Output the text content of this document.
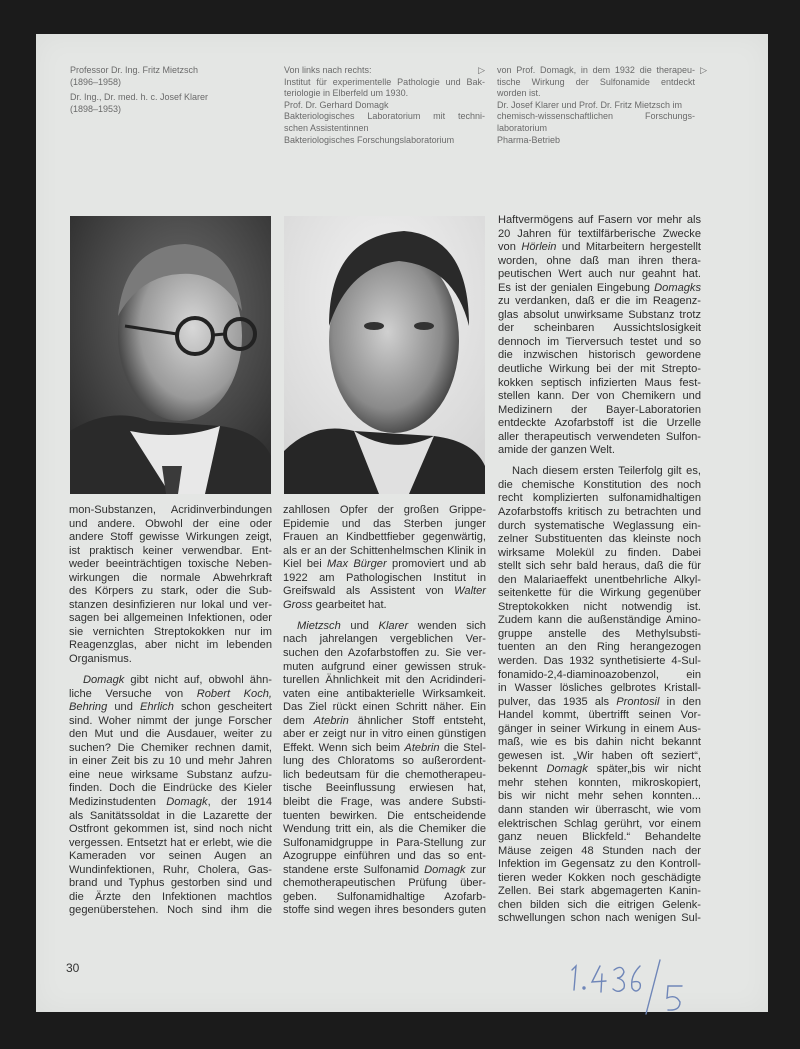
Professor Dr. Ing. Fritz Mietzsch
(1896–1958)
Dr. Ing., Dr. med. h. c. Josef Klarer
(1898–1953)
▷
Von links nach rechts:
Institut für experimentelle Pathologie und Bak-
teriologie in Elberfeld um 1930.
Prof. Dr. Gerhard Domagk
Bakteriologisches Laboratorium mit techni-
schen Assistentinnen
Bakteriologisches Forschungslaboratorium
▷
von Prof. Domagk, in dem 1932 die therapeu-
tische Wirkung der Sulfonamide entdeckt
worden ist.
Dr. Josef Klarer und Prof. Dr. Fritz Mietzsch im
chemisch-wissenschaftlichen Forschungs-
laboratorium
Pharma-Betrieb
mon-Substanzen, Acridinverbindungen
und andere. Obwohl der eine oder
andere Stoff gewisse Wirkungen zeigt,
ist praktisch keiner verwendbar. Ent-
weder beeinträchtigen toxische Neben-
wirkungen die normale Abwehrkraft
des Körpers zu stark, oder die Sub-
stanzen desinfizieren nur lokal und ver-
sagen bei allgemeinen Infektionen, oder
sie vernichten Streptokokken nur im
Reagenzglas, aber nicht im lebenden
Organismus.
Domagk gibt nicht auf, obwohl ähn-
liche Versuche von Robert Koch,
Behring und Ehrlich schon gescheitert
sind. Woher nimmt der junge Forscher
den Mut und die Ausdauer, weiter zu
suchen? Die Chemiker rechnen damit,
in einer Zeit bis zu 10 und mehr Jahren
eine neue wirksame Substanz aufzu-
finden. Doch die Eindrücke des Kieler
Medizinstudenten Domagk, der 1914
als Sanitätssoldat in die Lazarette der
Ostfront gekommen ist, sind noch nicht
vergessen. Entsetzt hat er erlebt, wie die
Kameraden vor seinen Augen an
Wundinfektionen, Ruhr, Cholera, Gas-
brand und Typhus gestorben sind und
die Ärzte den Infektionen machtlos
gegenüberstehen. Noch sind ihm die
zahllosen Opfer der großen Grippe-
Epidemie und das Sterben junger
Frauen an Kindbettfieber gegenwärtig,
als er an der Schittenhelmschen Klinik in
Kiel bei Max Bürger promoviert und ab
1922 am Pathologischen Institut in
Greifswald als Assistent von Walter
Gross gearbeitet hat.
Mietzsch und Klarer wenden sich
nach jahrelangen vergeblichen Ver-
suchen den Azofarbstoffen zu. Sie ver-
muten aufgrund einer gewissen struk-
turellen Ähnlichkeit mit den Acridinderi-
vaten eine antibakterielle Wirksamkeit.
Das Ziel rückt einen Schritt näher. Ein
dem Atebrin ähnlicher Stoff entsteht,
aber er zeigt nur in vitro einen günstigen
Effekt. Wenn sich beim Atebrin die Stel-
lung des Chloratoms so außerordent-
lich bedeutsam für die chemotherapeu-
tische Beeinflussung erwiesen hat,
bleibt die Frage, was andere Substi-
tuenten bewirken. Die entscheidende
Wendung tritt ein, als die Chemiker die
Sulfonamidgruppe in Para-Stellung zur
Azogruppe einführen und das so ent-
standene erste Sulfonamid Domagk zur
chemotherapeutischen Prüfung über-
geben. Sulfonamidhaltige Azofarb-
stoffe sind wegen ihres besonders guten
Haftvermögens auf Fasern vor mehr als
20 Jahren für textilfärberische Zwecke
von Hörlein und Mitarbeitern hergestellt
worden, ohne daß man ihren thera-
peutischen Wert auch nur geahnt hat.
Es ist der genialen Eingebung Domagks
zu verdanken, daß er die im Reagenz-
glas absolut unwirksame Substanz trotz
der scheinbaren Aussichtslosigkeit
dennoch im Tierversuch testet und so
die inzwischen historisch gewordene
deutliche Wirkung bei der mit Strepto-
kokken septisch infizierten Maus fest-
stellen kann. Der von Chemikern und
Medizinern der Bayer-Laboratorien
entdeckte Azofarbstoff ist die Urzelle
aller therapeutisch verwendeten Sulfon-
amide der ganzen Welt.
Nach diesem ersten Teilerfolg gilt es,
die chemische Konstitution des noch
recht komplizierten sulfonamidhaltigen
Azofarbstoffs kritisch zu betrachten und
durch systematische Weglassung ein-
zelner Substituenten das kleinste noch
wirksame Molekül zu finden. Dabei
stellt sich sehr bald heraus, daß die für
den Malariaeffekt unentbehrliche Alkyl-
seitenkette für die Wirkung gegenüber
Streptokokken nicht notwendig ist.
Zudem kann die außenständige Amino-
gruppe anstelle des Methylsubsti-
tuenten an den Ring herangezogen
werden. Das 1932 synthetisierte 4-Sul-
fonamido-2,4-diaminoazobenzol, ein
in Wasser lösliches gelbrotes Kristall-
pulver, das 1935 als Prontosil in den
Handel kommt, übertrifft seinen Vor-
gänger in seiner Wirkung in einem Aus-
maß, wie es bis dahin nicht bekannt
gewesen ist. „Wir haben oft seziert“,
bekennt Domagk später„bis wir nicht
mehr stehen konnten, mikroskopiert,
bis wir nicht mehr sehen konnten...
dann standen wir überrascht, wie vom
elektrischen Schlag gerührt, vor einem
ganz neuen Blickfeld.“ Behandelte
Mäuse zeigen 48 Stunden nach der
Infektion im Gegensatz zu den Kontroll-
tieren weder Kokken noch geschädigte
Zellen. Bei stark abgemagerten Kanin-
chen bilden sich die eitrigen Gelenk-
schwellungen schon nach wenigen Sul-
30
